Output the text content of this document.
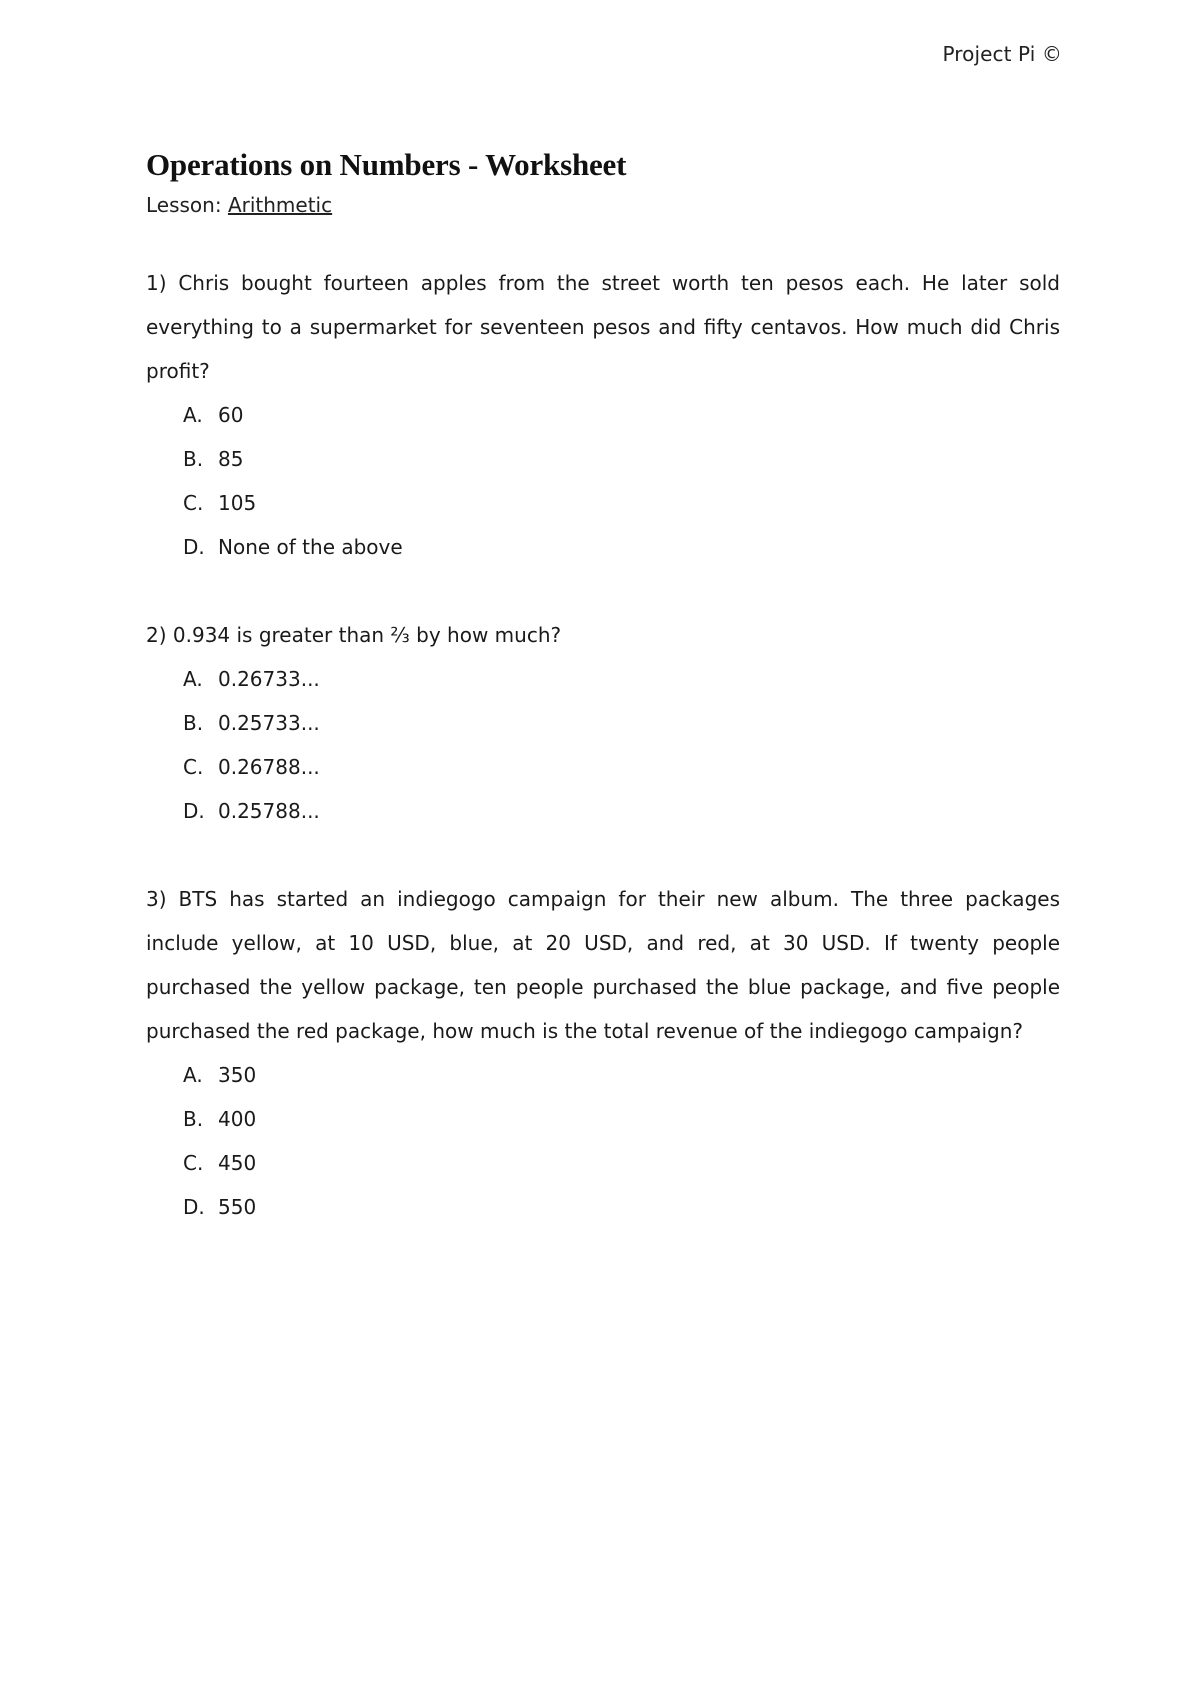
Project Pi ©
Operations on Numbers - Worksheet
Lesson: Arithmetic
1) Chris bought fourteen apples from the street worth ten pesos each. He later sold everything to a supermarket for seventeen pesos and fifty centavos. How much did Chris profit?
A. 60
B. 85
C. 105
D. None of the above
2) 0.934 is greater than ⅔ by how much?
A. 0.26733...
B. 0.25733...
C. 0.26788...
D. 0.25788...
3) BTS has started an indiegogo campaign for their new album. The three packages include yellow, at 10 USD, blue, at 20 USD, and red, at 30 USD. If twenty people purchased the yellow package, ten people purchased the blue package, and five people purchased the red package, how much is the total revenue of the indiegogo campaign?
A. 350
B. 400
C. 450
D. 550
